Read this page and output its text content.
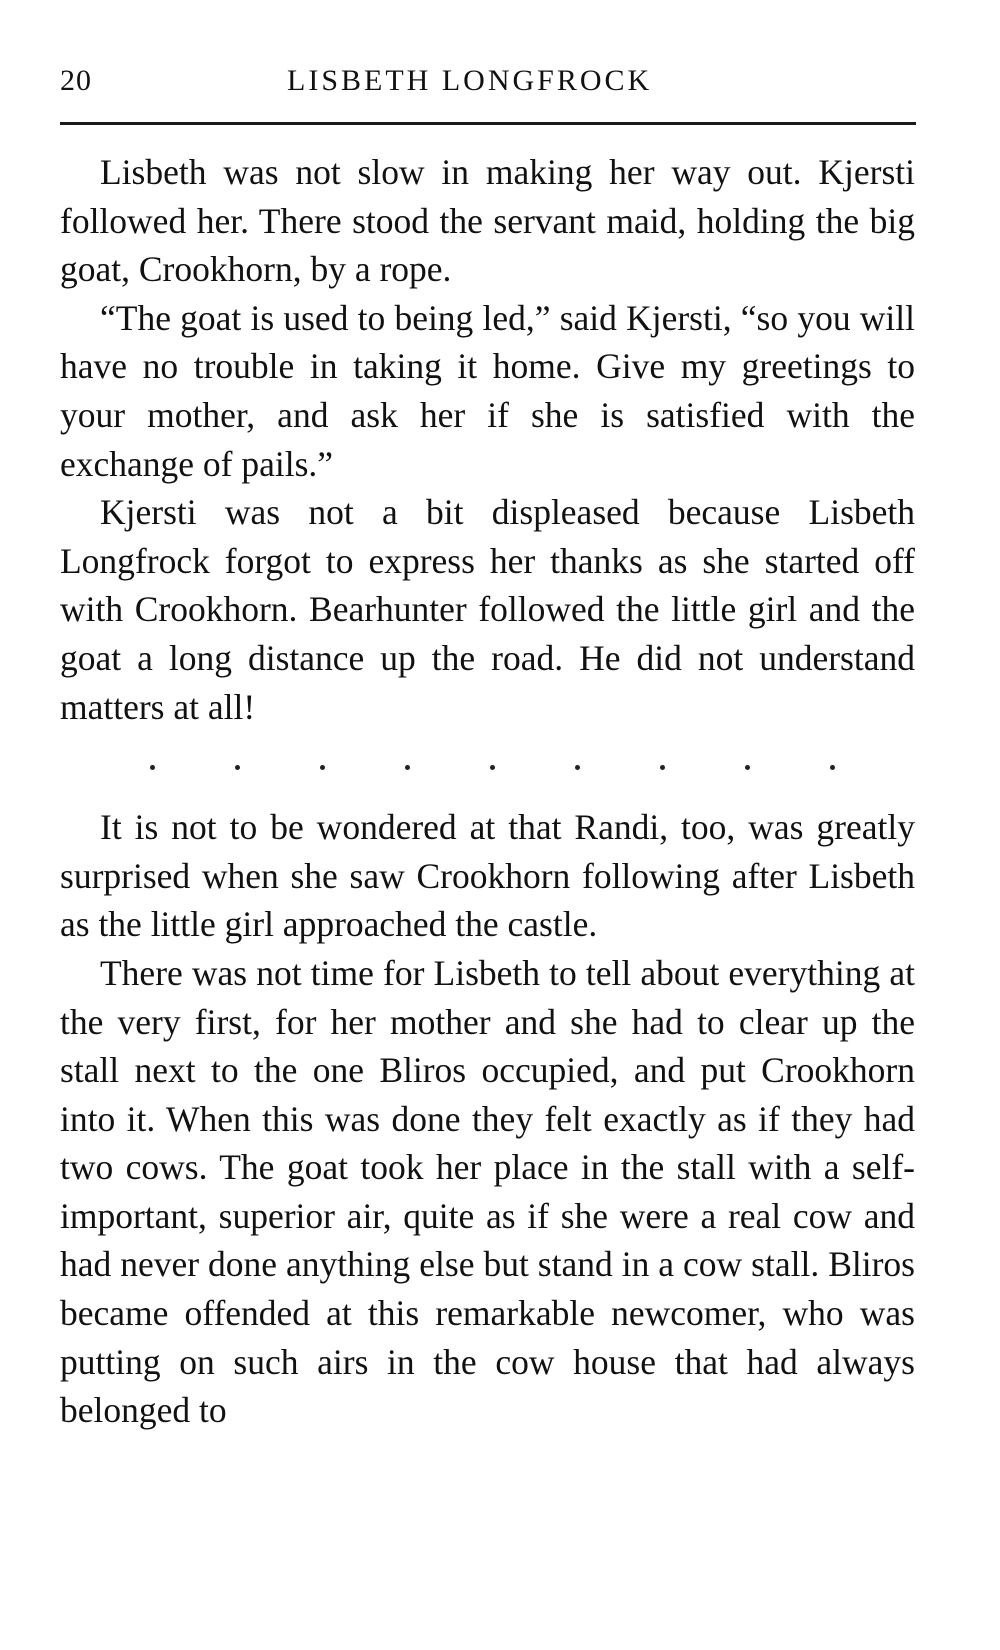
20	LISBETH LONGFROCK

Lisbeth was not slow in making her way out. Kjersti followed her. There stood the servant maid, holding the big goat, Crookhorn, by a rope.

“The goat is used to being led,” said Kjersti, “so you will have no trouble in taking it home. Give my greetings to your mother, and ask her if she is satisfied with the exchange of pails.”

Kjersti was not a bit displeased because Lisbeth Longfrock forgot to express her thanks as she started off with Crookhorn. Bearhunter followed the little girl and the goat a long distance up the road. He did not understand matters at all!

It is not to be wondered at that Randi, too, was greatly surprised when she saw Crookhorn following after Lisbeth as the little girl approached the castle.

There was not time for Lisbeth to tell about everything at the very first, for her mother and she had to clear up the stall next to the one Bliros occupied, and put Crookhorn into it. When this was done they felt exactly as if they had two cows. The goat took her place in the stall with a self-important, superior air, quite as if she were a real cow and had never done anything else but stand in a cow stall. Bliros became offended at this remarkable newcomer, who was putting on such airs in the cow house that had always belonged to
